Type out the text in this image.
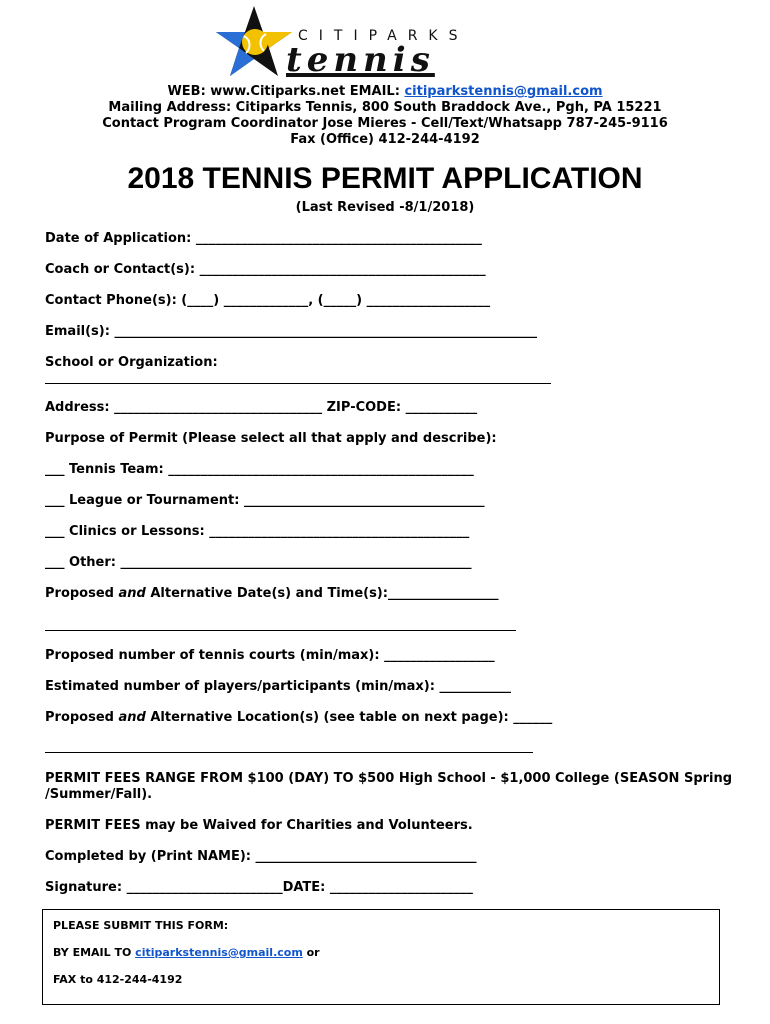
CITIPARKS
tennis
WEB: www.Citiparks.net EMAIL: citiparkstennis@gmail.com
Mailing Address: Citiparks Tennis, 800 South Braddock Ave., Pgh, PA 15221
Contact Program Coordinator Jose Mieres - Cell/Text/Whatsapp 787-245-9116
Fax (Office) 412-244-4192
2018 TENNIS PERMIT APPLICATION
(Last Revised -8/1/2018)
Date of Application: ____________________________________________
Coach or Contact(s): ____________________________________________
Contact Phone(s): (____) _____________, (_____) ___________________
Email(s): _________________________________________________________________
School or Organization:
Address: ________________________________ ZIP-CODE: ___________
Purpose of Permit (Please select all that apply and describe):
___ Tennis Team: _______________________________________________
___ League or Tournament: _____________________________________
___ Clinics or Lessons: ________________________________________
___ Other: ______________________________________________________
Proposed and Alternative Date(s) and Time(s):_________________
Proposed number of tennis courts (min/max): _________________
Estimated number of players/participants (min/max): ___________
Proposed and Alternative Location(s) (see table on next page): ______
PERMIT FEES RANGE FROM $100 (DAY) TO $500 High School - $1,000 College (SEASON Spring
/Summer/Fall).
PERMIT FEES may be Waived for Charities and Volunteers.
Completed by (Print NAME): __________________________________
Signature: ________________________DATE: ______________________
PLEASE SUBMIT THIS FORM:
BY EMAIL TO citiparkstennis@gmail.com or
FAX to 412-244-4192
